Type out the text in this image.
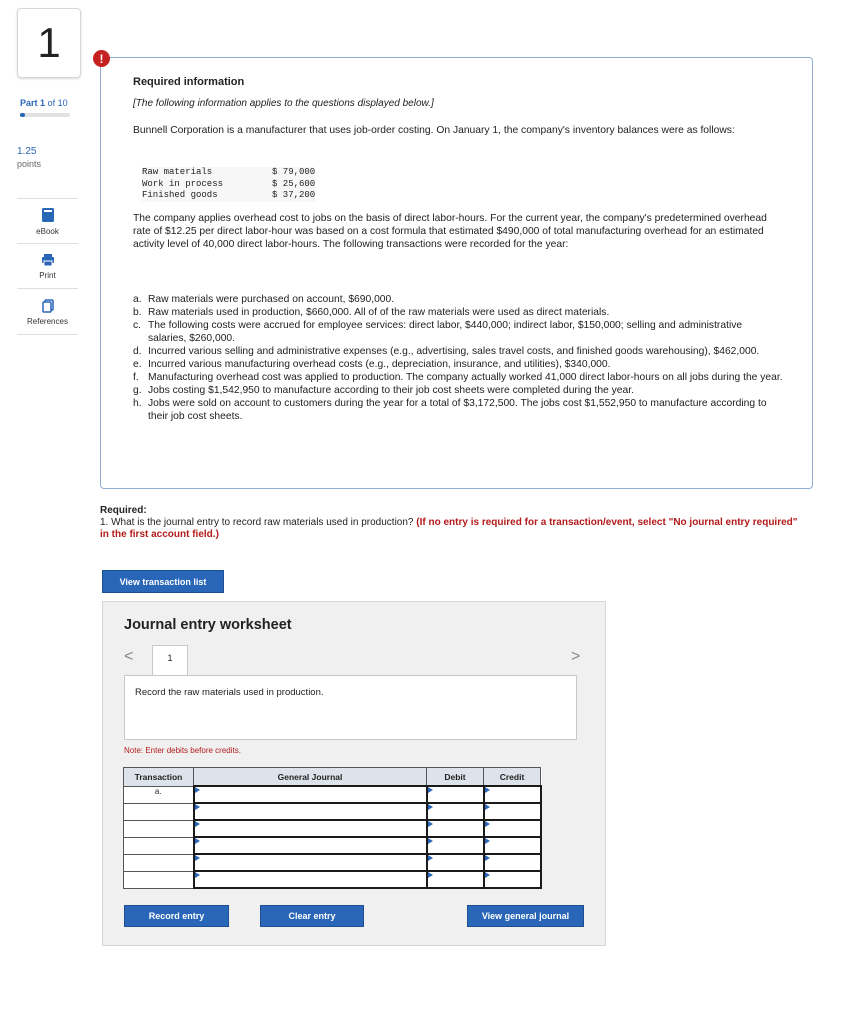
1
Part 1 of 10
1.25
points
eBook
Print
References
!
Required information
[The following information applies to the questions displayed below.]
Bunnell Corporation is a manufacturer that uses job-order costing. On January 1, the company's inventory balances were as follows:
Raw materials	$ 79,000
Work in process	$ 25,600
Finished goods	$ 37,200
The company applies overhead cost to jobs on the basis of direct labor-hours. For the current year, the company's predetermined overhead rate of $12.25 per direct labor-hour was based on a cost formula that estimated $490,000 of total manufacturing overhead for an estimated activity level of 40,000 direct labor-hours. The following transactions were recorded for the year:
a. Raw materials were purchased on account, $690,000.
b. Raw materials used in production, $660,000. All of of the raw materials were used as direct materials.
c. The following costs were accrued for employee services: direct labor, $440,000; indirect labor, $150,000; selling and administrative salaries, $260,000.
d. Incurred various selling and administrative expenses (e.g., advertising, sales travel costs, and finished goods warehousing), $462,000.
e. Incurred various manufacturing overhead costs (e.g., depreciation, insurance, and utilities), $340,000.
f. Manufacturing overhead cost was applied to production. The company actually worked 41,000 direct labor-hours on all jobs during the year.
g. Jobs costing $1,542,950 to manufacture according to their job cost sheets were completed during the year.
h. Jobs were sold on account to customers during the year for a total of $3,172,500. The jobs cost $1,552,950 to manufacture according to their job cost sheets.
Required:
1. What is the journal entry to record raw materials used in production? (If no entry is required for a transaction/event, select "No journal entry required" in the first account field.)
View transaction list
Journal entry worksheet
<	>
1
Record the raw materials used in production.
Note: Enter debits before credits.
Transaction	General Journal	Debit	Credit
a.	

Record entry	Clear entry	View general journal
